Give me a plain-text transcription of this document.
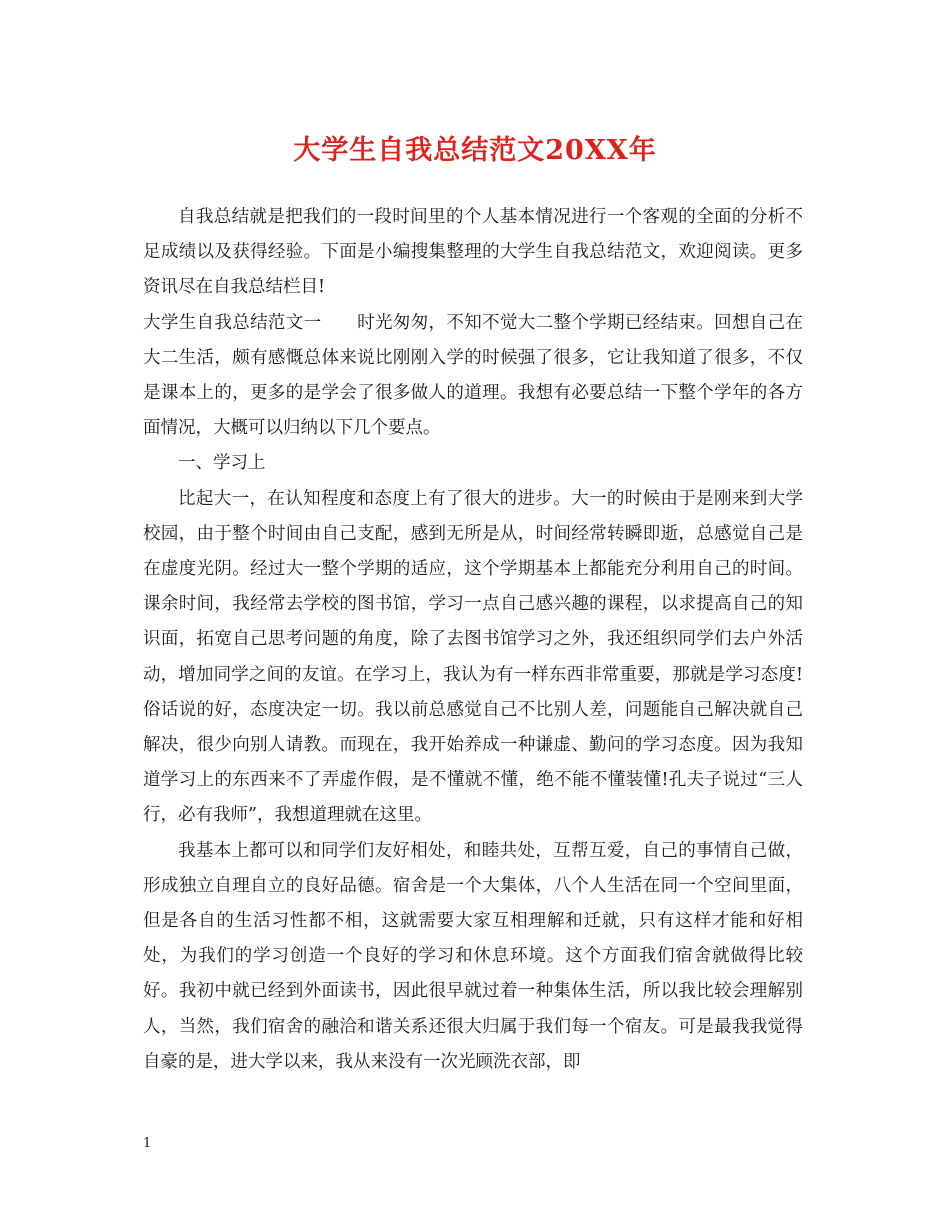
大学生自我总结范文20XX年

自我总结就是把我们的一段时间里的个人基本情况进行一个客观的全面的分析不足成绩以及获得经验。下面是小编搜集整理的大学生自我总结范文，欢迎阅读。更多资讯尽在自我总结栏目!

大学生自我总结范文一　　时光匆匆，不知不觉大二整个学期已经结束。回想自己在大二生活，颇有感慨总体来说比刚刚入学的时候强了很多，它让我知道了很多，不仅是课本上的，更多的是学会了很多做人的道理。我想有必要总结一下整个学年的各方面情况，大概可以归纳以下几个要点。

一、学习上

比起大一，在认知程度和态度上有了很大的进步。大一的时候由于是刚来到大学校园，由于整个时间由自己支配，感到无所是从，时间经常转瞬即逝，总感觉自己是在虚度光阴。经过大一整个学期的适应，这个学期基本上都能充分利用自己的时间。课余时间，我经常去学校的图书馆，学习一点自己感兴趣的课程，以求提高自己的知识面，拓宽自己思考问题的角度，除了去图书馆学习之外，我还组织同学们去户外活动，增加同学之间的友谊。在学习上，我认为有一样东西非常重要，那就是学习态度!俗话说的好，态度决定一切。我以前总感觉自己不比别人差，问题能自己解决就自己解决，很少向别人请教。而现在，我开始养成一种谦虚、勤问的学习态度。因为我知道学习上的东西来不了弄虚作假，是不懂就不懂，绝不能不懂装懂!孔夫子说过“三人行，必有我师”，我想道理就在这里。

我基本上都可以和同学们友好相处，和睦共处，互帮互爱，自己的事情自己做，形成独立自理自立的良好品德。宿舍是一个大集体，八个人生活在同一个空间里面，但是各自的生活习性都不相，这就需要大家互相理解和迁就，只有这样才能和好相处，为我们的学习创造一个良好的学习和休息环境。这个方面我们宿舍就做得比较好。我初中就已经到外面读书，因此很早就过着一种集体生活，所以我比较会理解别人，当然，我们宿舍的融洽和谐关系还很大归属于我们每一个宿友。可是最我我觉得自豪的是，进大学以来，我从来没有一次光顾洗衣部，即

1
